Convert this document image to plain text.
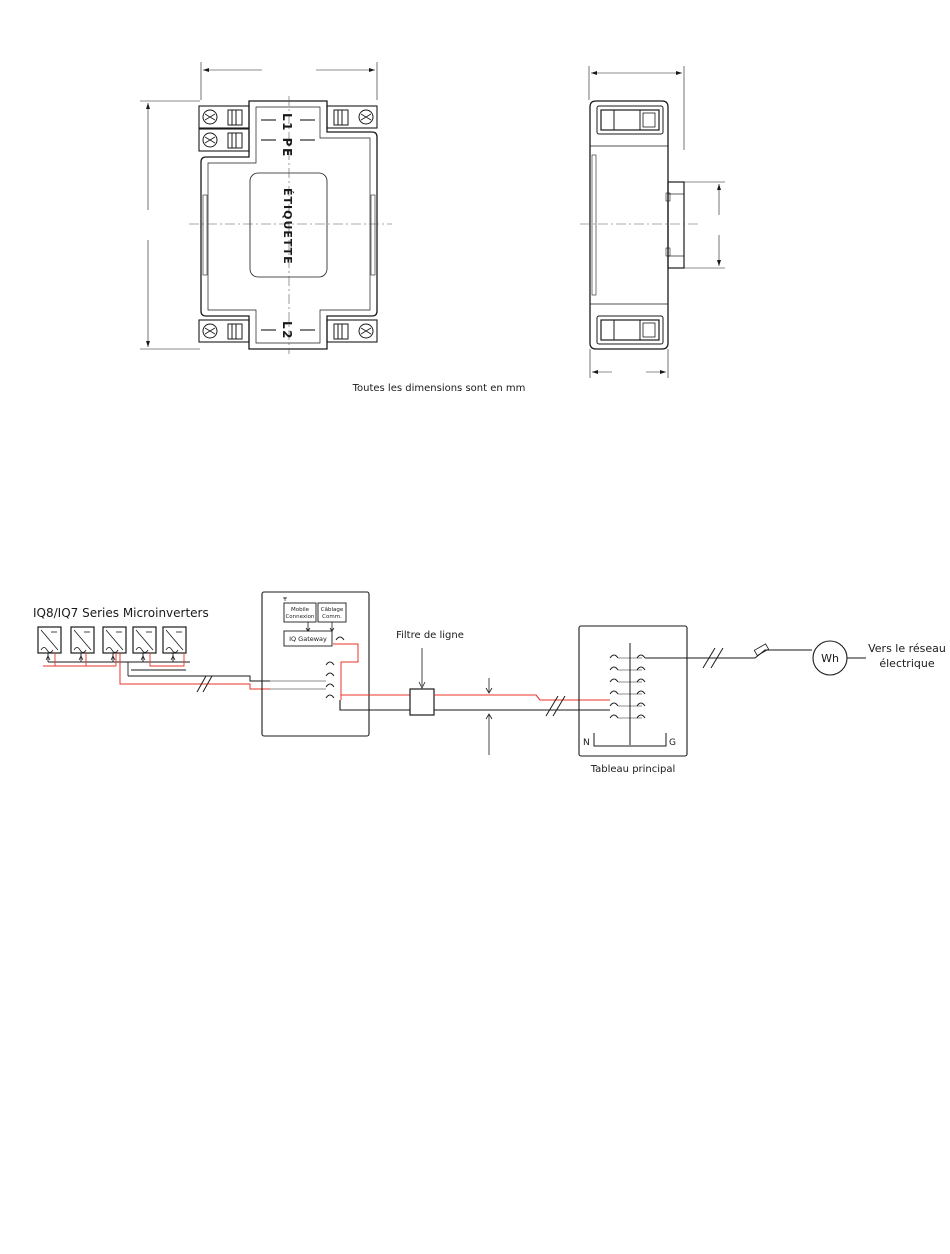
L1 PE
ÉTIQUETTE
L2
Toutes les dimensions sont en mm
IQ8/IQ7 Series Microinverters	Mobile
Connexion
Câblage
Comm.
IQ Gateway	Filtre de ligne
N	G
Tableau principal
Wh
Vers le réseau
électrique
